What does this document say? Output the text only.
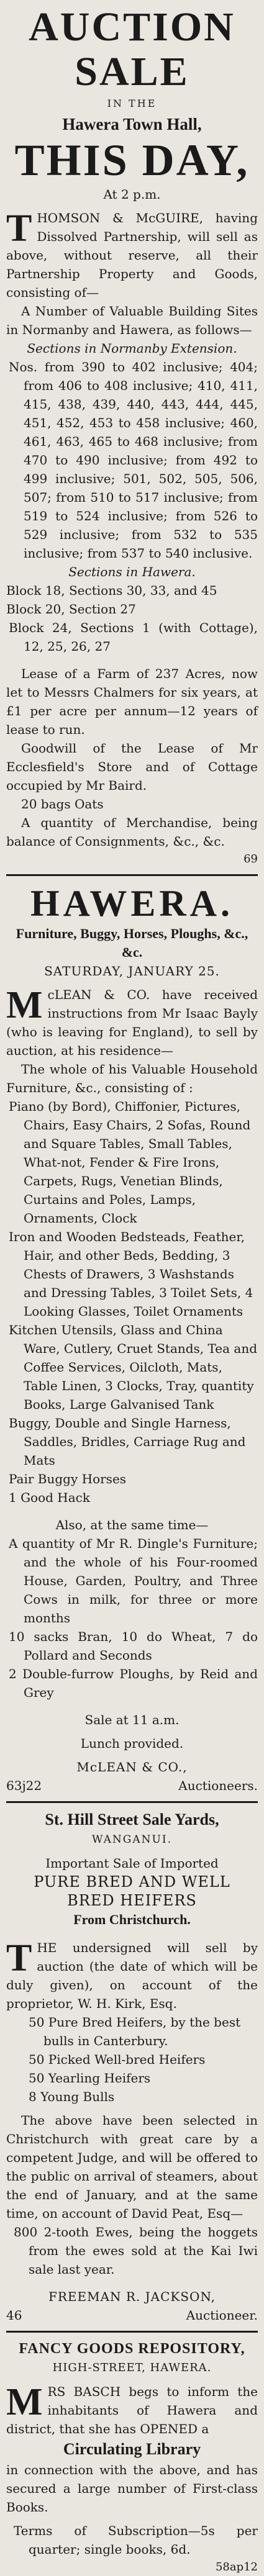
AUCTION SALE
IN THE
Hawera Town Hall,
THIS DAY,
At 2 p.m.

THOMSON & McGUIRE, having Dissolved Partnership, will sell as above, without reserve, all their Partnership Property and Goods, consisting of—

A Number of Valuable Building Sites in Normanby and Hawera, as follows—

Sections in Normanby Extension.

Nos. from 390 to 402 inclusive; 404; from 406 to 408 inclusive; 410, 411, 415, 438, 439, 440, 443, 444, 445, 451, 452, 453 to 458 inclusive; 460, 461, 463, 465 to 468 inclusive; from 470 to 490 inclusive; from 492 to 499 inclusive; 501, 502, 505, 506, 507; from 510 to 517 inclusive; from 519 to 524 inclusive; from 526 to 529 inclusive; from 532 to 535 inclusive; from 537 to 540 inclusive.

Sections in Hawera.

Block 18, Sections 30, 33, and 45

Block 20, Section 27

Block 24, Sections 1 (with Cottage), 12, 25, 26, 27

Lease of a Farm of 237 Acres, now let to Messrs Chalmers for six years, at £1 per acre per annum—12 years of lease to run.

Goodwill of the Lease of Mr Ecclesfield's Store and of Cottage occupied by Mr Baird.

20 bags Oats

A quantity of Merchandise, being balance of Consignments, &c., &c.

69
HAWERA.
Furniture, Buggy, Horses, Ploughs, &c., &c.
SATURDAY, JANUARY 25.

McLEAN & CO. have received instructions from Mr Isaac Bayly (who is leaving for England), to sell by auction, at his residence—

The whole of his Valuable Household Furniture, &c., consisting of :

Piano (by Bord), Chiffonier, Pictures, Chairs, Easy Chairs, 2 Sofas, Round and Square Tables, Small Tables, What-not, Fender & Fire Irons, Carpets, Rugs, Venetian Blinds, Curtains and Poles, Lamps, Ornaments, Clock

Iron and Wooden Bedsteads, Feather, Hair, and other Beds, Bedding, 3 Chests of Drawers, 3 Washstands and Dressing Tables, 3 Toilet Sets, 4 Looking Glasses, Toilet Ornaments

Kitchen Utensils, Glass and China Ware, Cutlery, Cruet Stands, Tea and Coffee Services, Oilcloth, Mats, Table Linen, 3 Clocks, Tray, quantity Books, Large Galvanised Tank

Buggy, Double and Single Harness, Saddles, Bridles, Carriage Rug and Mats

Pair Buggy Horses

1 Good Hack

Also, at the same time—

A quantity of Mr R. Dingle's Furniture; and the whole of his Four-roomed House, Garden, Poultry, and Three Cows in milk, for three or more months

10 sacks Bran, 10 do Wheat, 7 do Pollard and Seconds

2 Double-furrow Ploughs, by Reid and Grey

Sale at 11 a.m.
Lunch provided.
McLEAN & CO.,
63j22	Auctioneers.
St. Hill Street Sale Yards,
WANGANUI.
Important Sale of Imported
PURE BRED AND WELL BRED HEIFERS
From Christchurch.

THE undersigned will sell by auction (the date of which will be duly given), on account of the proprietor, W. H. Kirk, Esq.

50 Pure Bred Heifers, by the best bulls in Canterbury.

50 Picked Well-bred Heifers

50 Yearling Heifers

8 Young Bulls

The above have been selected in Christchurch with great care by a competent Judge, and will be offered to the public on arrival of steamers, about the end of January, and at the same time, on account of David Peat, Esq—

800 2-tooth Ewes, being the hoggets from the ewes sold at the Kai Iwi sale last year.

FREEMAN R. JACKSON,
46	Auctioneer.
FANCY GOODS REPOSITORY,
HIGH-STREET, HAWERA.

MRS BASCH begs to inform the inhabitants of Hawera and district, that she has OPENED a

Circulating Library

in connection with the above, and has secured a large number of First-class Books.

Terms of Subscription—5s per quarter; single books, 6d.

58ap12
